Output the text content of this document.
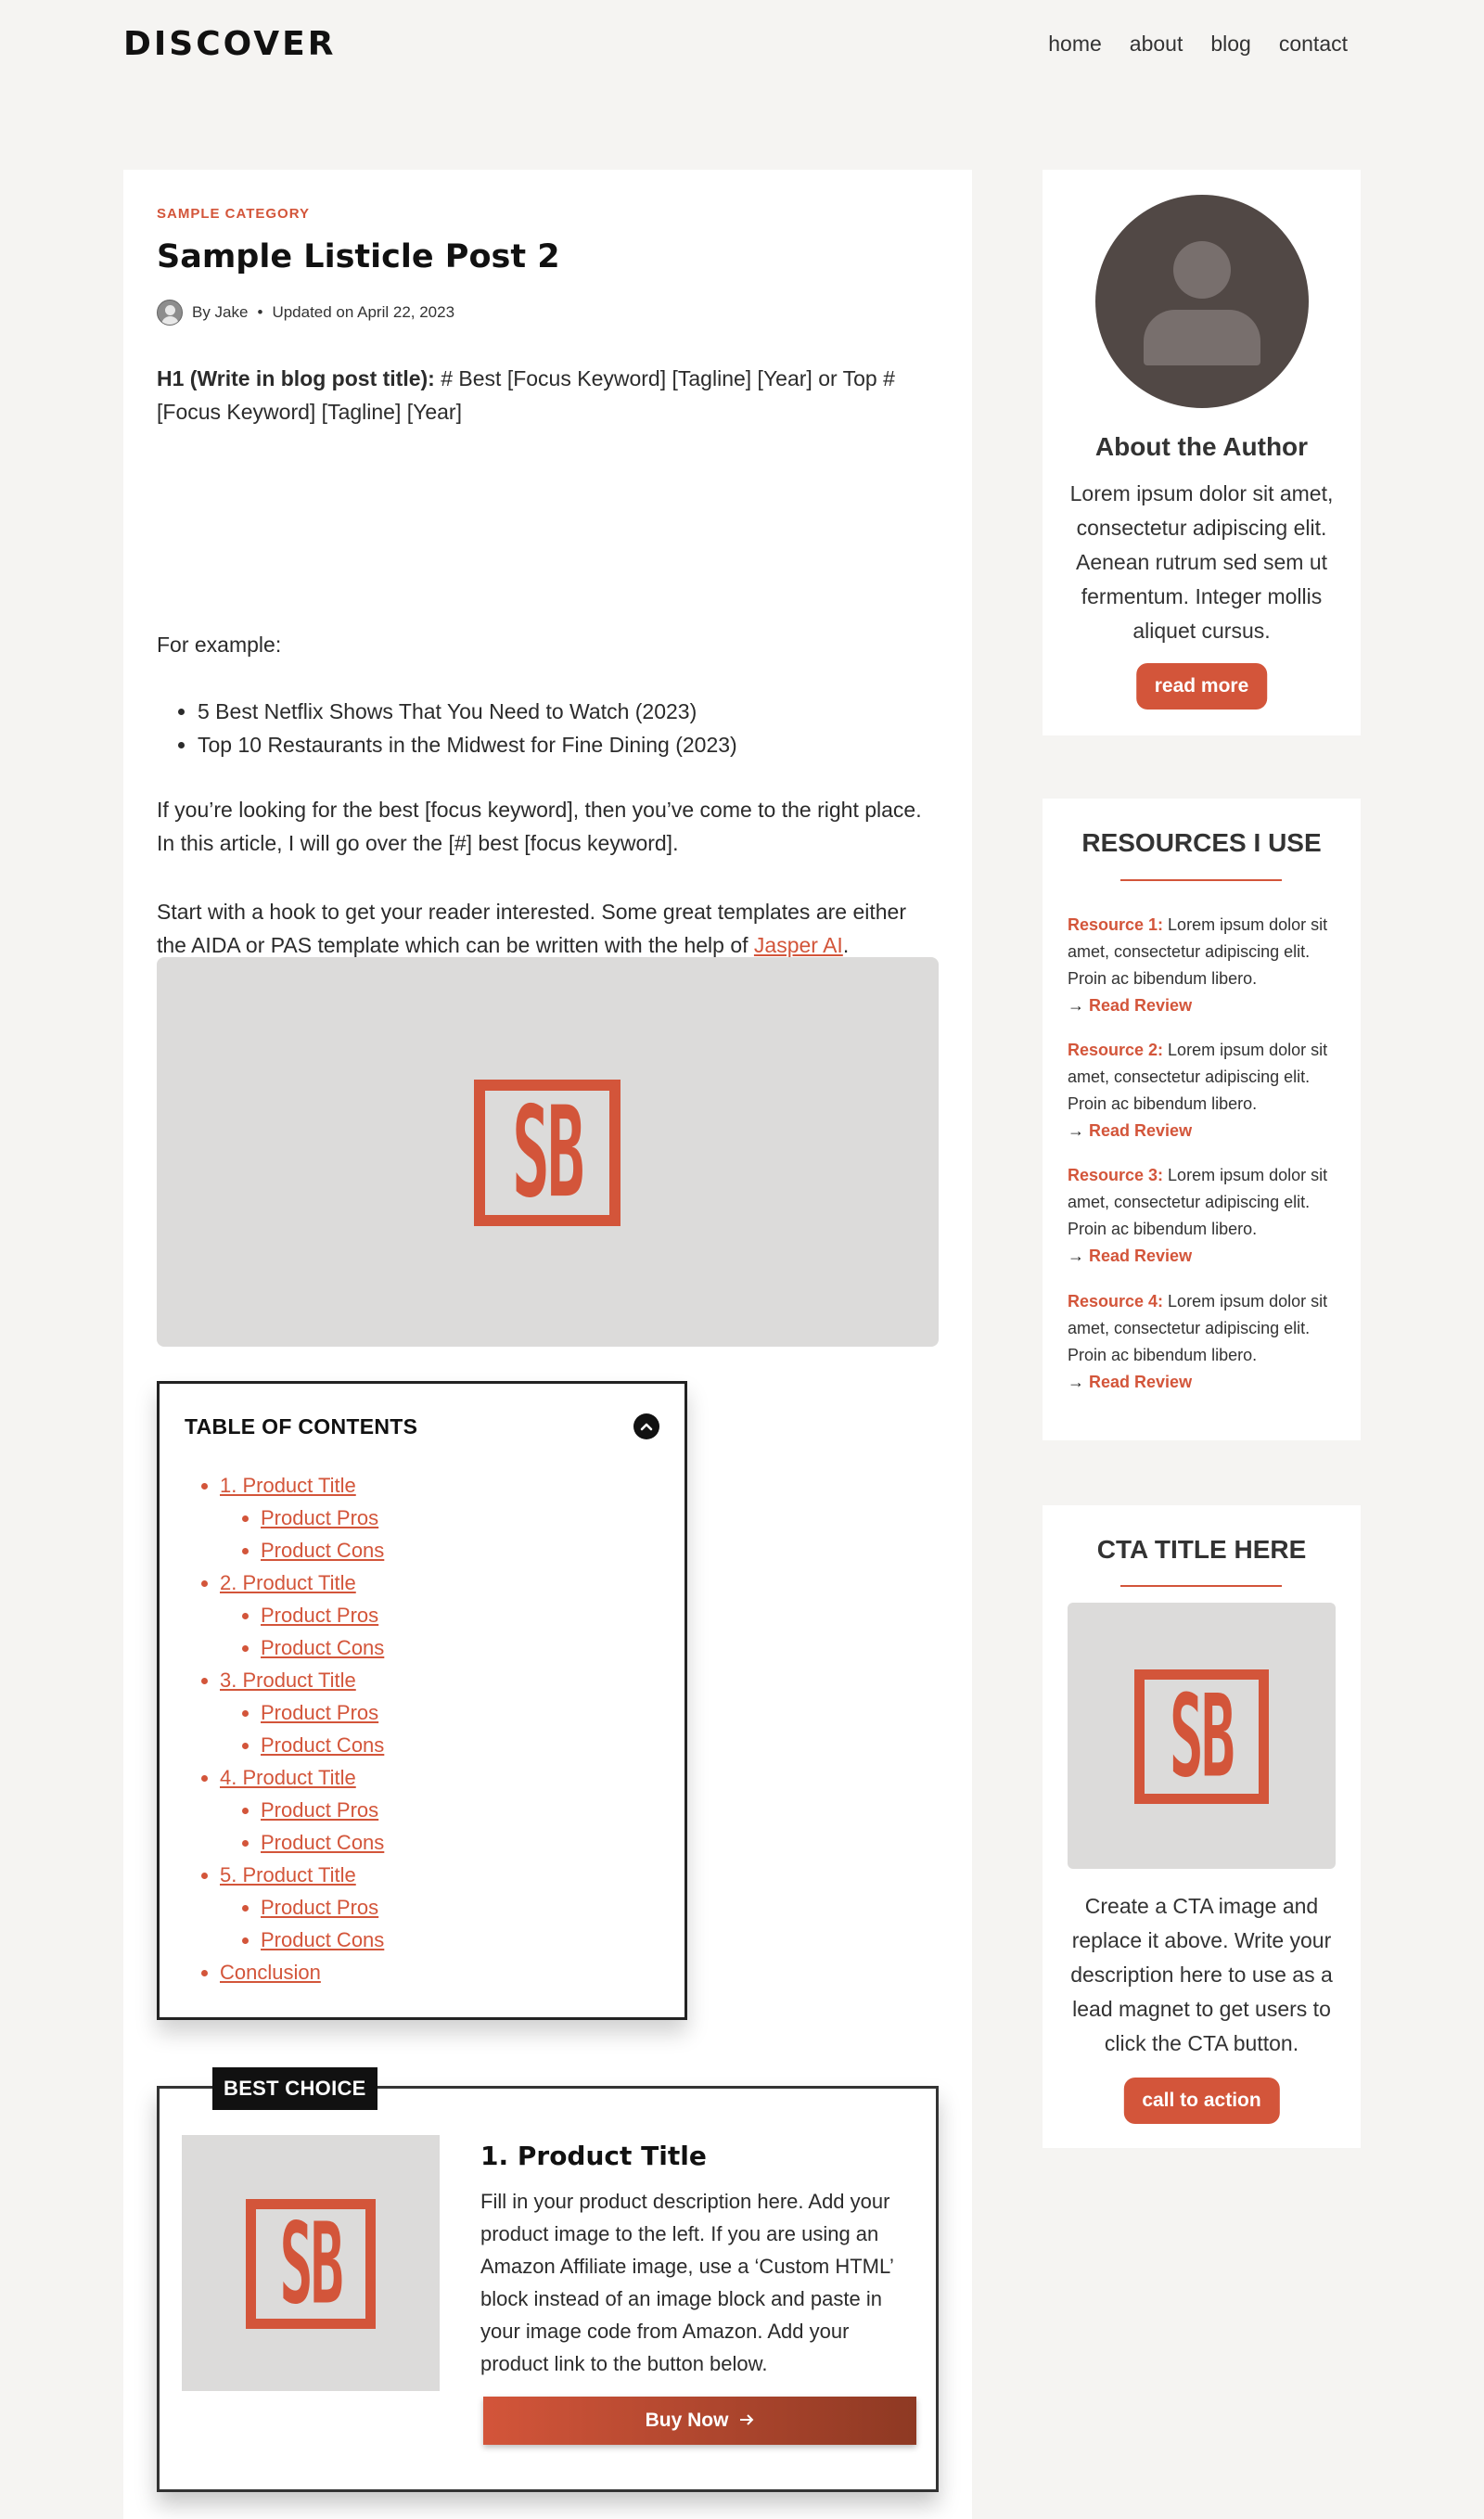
DISCOVER	home about blog contact
SAMPLE CATEGORY
Sample Listicle Post 2
By Jake • Updated on April 22, 2023

H1 (Write in blog post title): # Best [Focus Keyword] [Tagline] [Year] or Top # [Focus Keyword] [Tagline] [Year]

For example:

• 5 Best Netflix Shows That You Need to Watch (2023)
• Top 10 Restaurants in the Midwest for Fine Dining (2023)

If you’re looking for the best [focus keyword], then you’ve come to the right place. In this article, I will go over the [#] best [focus keyword].

Start with a hook to get your reader interested. Some great templates are either the AIDA or PAS template which can be written with the help of Jasper AI.

SB
TABLE OF CONTENTS
• 1. Product Title
• Product Pros
• Product Cons
• 2. Product Title
• Product Pros
• Product Cons
• 3. Product Title
• Product Pros
• Product Cons
• 4. Product Title
• Product Pros
• Product Cons
• 5. Product Title
• Product Pros
• Product Cons
• Conclusion
BEST CHOICE
SB
1. Product Title

Fill in your product description here. Add your product image to the left. If you are using an Amazon Affiliate image, use a ‘Custom HTML’ block instead of an image block and paste in your image code from Amazon. Add your product link to the button below.

Buy Now
About the Author

Lorem ipsum dolor sit amet, consectetur adipiscing elit. Aenean rutrum sed sem ut fermentum. Integer mollis aliquet cursus.

read more
RESOURCES I USE
Resource 1: Lorem ipsum dolor sit amet, consectetur adipiscing elit. Proin ac bibendum libero.
→ Read Review
Resource 2: Lorem ipsum dolor sit amet, consectetur adipiscing elit. Proin ac bibendum libero.
→ Read Review
Resource 3: Lorem ipsum dolor sit amet, consectetur adipiscing elit. Proin ac bibendum libero.
→ Read Review
Resource 4: Lorem ipsum dolor sit amet, consectetur adipiscing elit. Proin ac bibendum libero.
→ Read Review
CTA TITLE HERE
SB

Create a CTA image and replace it above. Write your description here to use as a lead magnet to get users to click the CTA button.

call to action
